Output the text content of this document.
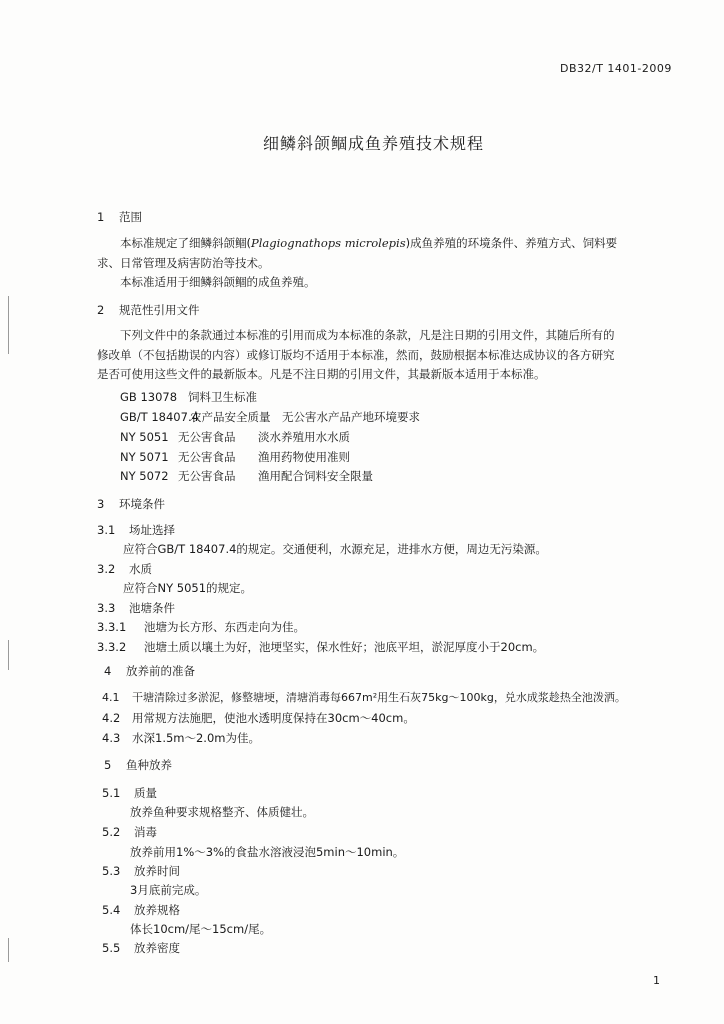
DB32/T 1401-2009
细鳞斜颌鲴成鱼养殖技术规程
1 范围
本标准规定了细鳞斜颌鲴(Plagiognathops microlepis)成鱼养殖的环境条件、养殖方式、饲料要
求、日常管理及病害防治等技术。
本标准适用于细鳞斜颌鲴的成鱼养殖。
2 规范性引用文件
下列文件中的条款通过本标准的引用而成为本标准的条款，凡是注日期的引用文件，其随后所有的
修改单（不包括勘误的内容）或修订版均不适用于本标准，然而，鼓励根据本标准达成协议的各方研究
是否可使用这些文件的最新版本。凡是不注日期的引用文件，其最新版本适用于本标准。
GB 13078 饲料卫生标准
GB/T 18407.4农产品安全质量　无公害水产品产地环境要求
NY 5051 无公害食品 淡水养殖用水水质
NY 5071 无公害食品 渔用药物使用准则
NY 5072 无公害食品 渔用配合饲料安全限量
3 环境条件
3.1 场址选择
应符合GB/T 18407.4的规定。交通便利，水源充足，进排水方便，周边无污染源。
3.2 水质
应符合NY 5051的规定。
3.3 池塘条件
3.3.1 池塘为长方形、东西走向为佳。
3.3.2 池塘土质以壤土为好，池埂坚实，保水性好；池底平坦，淤泥厚度小于20cm。
4 放养前的准备
4.1 干塘清除过多淤泥，修整塘埂，清塘消毒每667m²用生石灰75kg～100kg，兑水成浆趁热全池泼洒。
4.2 用常规方法施肥，使池水透明度保持在30cm～40cm。
4.3 水深1.5m～2.0m为佳。
5 鱼种放养
5.1 质量
放养鱼种要求规格整齐、体质健壮。
5.2 消毒
放养前用1%～3%的食盐水溶液浸泡5min～10min。
5.3 放养时间
3月底前完成。
5.4 放养规格
体长10cm/尾～15cm/尾。
5.5 放养密度
1
